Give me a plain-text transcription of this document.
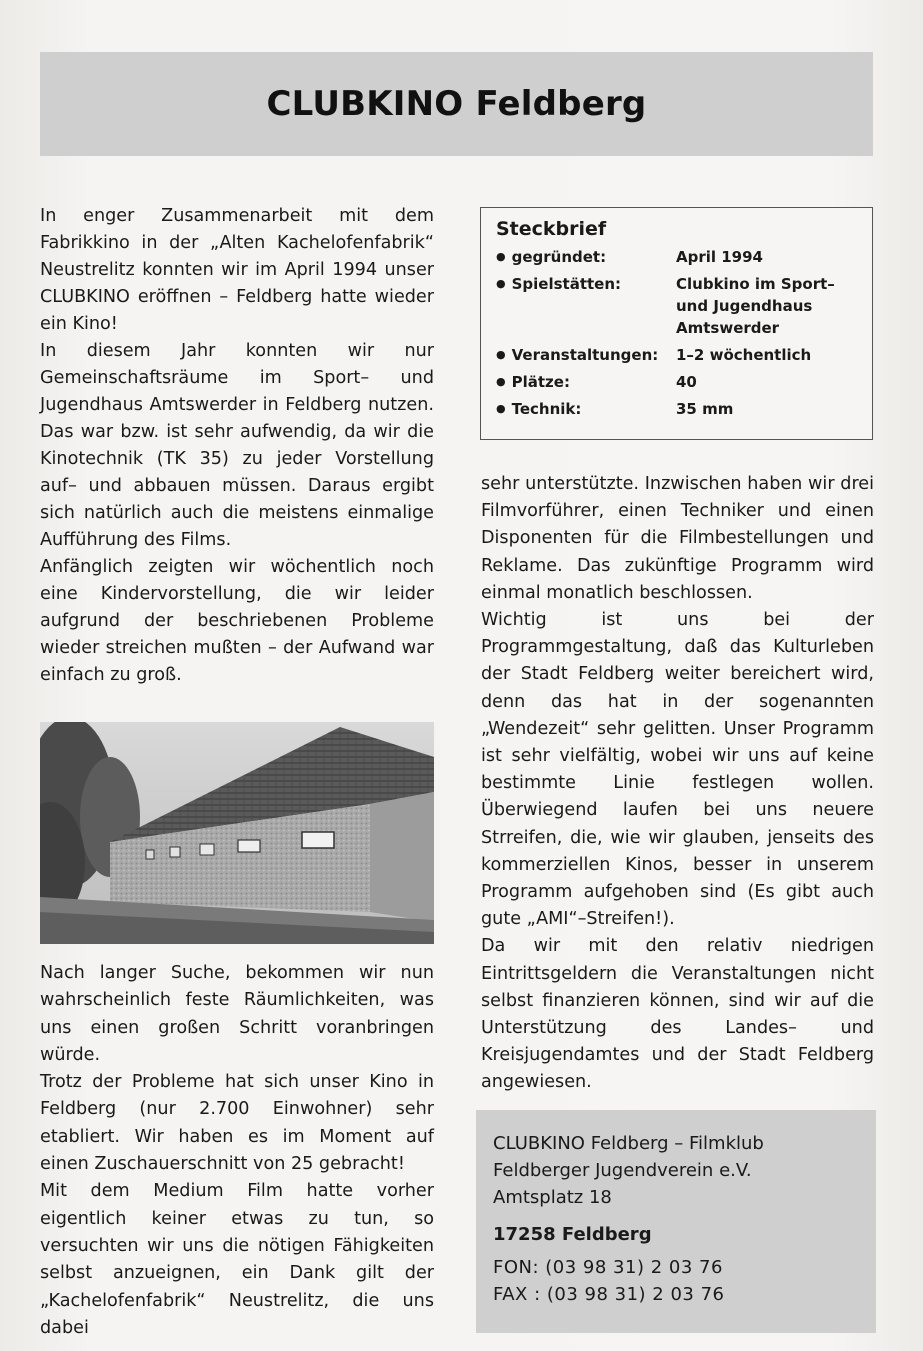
CLUBKINO Feldberg

In enger Zusammenarbeit mit dem Fabrikkino in der „Alten Kachelofenfabrik“ Neustrelitz konnten wir im April 1994 unser CLUBKINO eröffnen – Feldberg hatte wieder ein Kino!

In diesem Jahr konnten wir nur Gemeinschaftsräume im Sport– und Jugendhaus Amtswerder in Feldberg nutzen. Das war bzw. ist sehr aufwendig, da wir die Kinotechnik (TK 35) zu jeder Vorstellung auf– und abbauen müssen. Daraus ergibt sich natürlich auch die meistens einmalige Aufführung des Films.

Anfänglich zeigten wir wöchentlich noch eine Kindervorstellung, die wir leider aufgrund der beschriebenen Probleme wieder streichen mußten – der Aufwand war einfach zu groß.

Steckbrief
● gegründet:	April 1994
● Spielstätten:	Clubkino im Sport– und Jugendhaus Amtswerder
● Veranstaltungen:	1–2 wöchentlich
● Plätze:	40
● Technik:	35 mm

Nach langer Suche, bekommen wir nun wahrscheinlich feste Räumlichkeiten, was uns einen großen Schritt voranbringen würde.

Trotz der Probleme hat sich unser Kino in Feldberg (nur 2.700 Einwohner) sehr etabliert. Wir haben es im Moment auf einen Zuschauerschnitt von 25 gebracht!

Mit dem Medium Film hatte vorher eigentlich keiner etwas zu tun, so versuchten wir uns die nötigen Fähigkeiten selbst anzueignen, ein Dank gilt der „Kachelofenfabrik“ Neustrelitz, die uns dabei

sehr unterstützte. Inzwischen haben wir drei Filmvorführer, einen Techniker und einen Disponenten für die Filmbestellungen und Reklame. Das zukünftige Programm wird einmal monatlich beschlossen.

Wichtig ist uns bei der Programmgestaltung, daß das Kulturleben der Stadt Feldberg weiter bereichert wird, denn das hat in der sogenannten „Wendezeit“ sehr gelitten. Unser Programm ist sehr vielfältig, wobei wir uns auf keine bestimmte Linie festlegen wollen. Überwiegend laufen bei uns neuere Strreifen, die, wie wir glauben, jenseits des kommerziellen Kinos, besser in unserem Programm aufgehoben sind (Es gibt auch gute „AMI“–Streifen!).

Da wir mit den relativ niedrigen Eintrittsgeldern die Veranstaltungen nicht selbst finanzieren können, sind wir auf die Unterstützung des Landes– und Kreisjugendamtes und der Stadt Feldberg angewiesen.

CLUBKINO Feldberg – Filmklub

Feldberger Jugendverein e.V.

Amtsplatz 18

17258 Feldberg

FON: (03 98 31) 2 03 76

FAX : (03 98 31) 2 03 76
